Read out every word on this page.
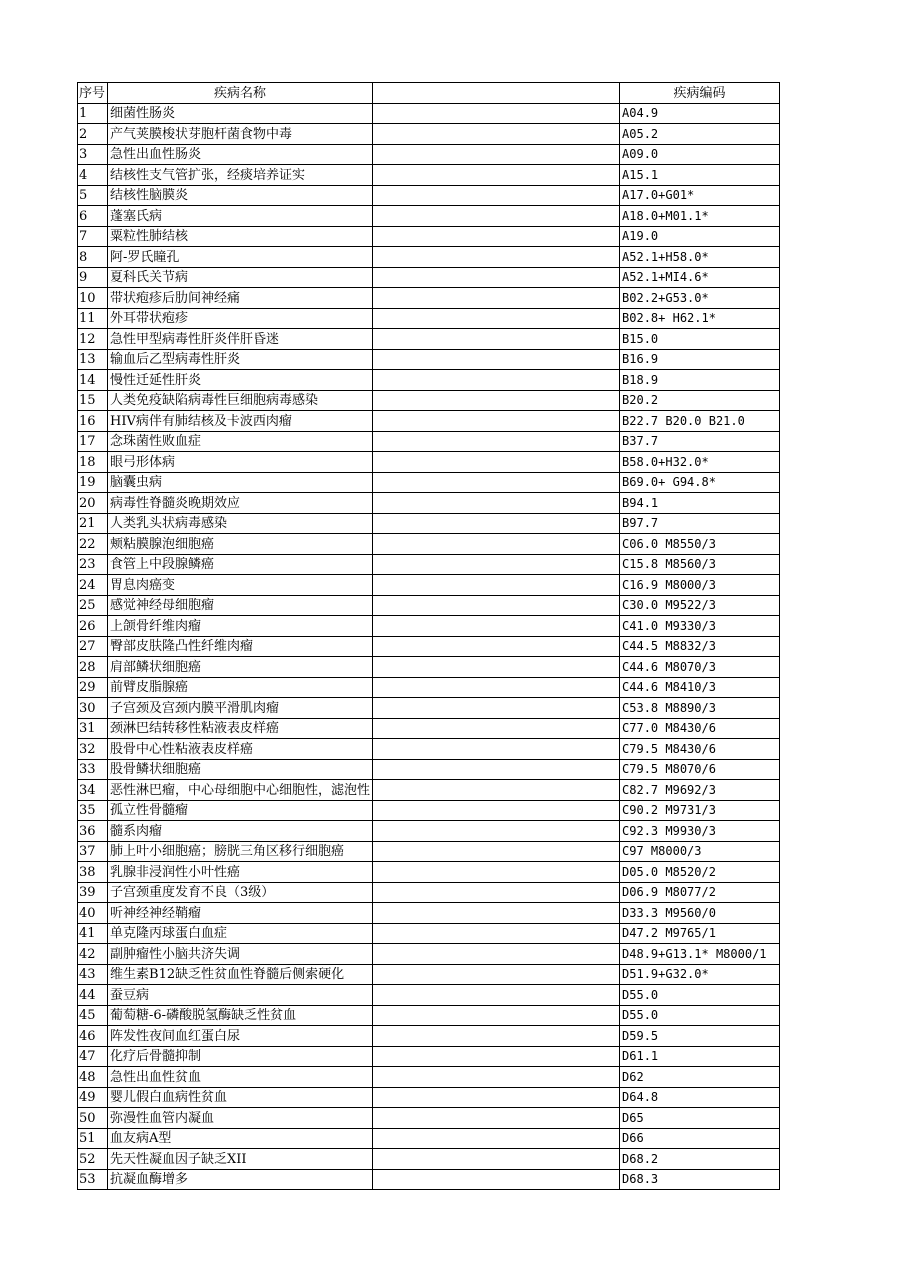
序号	疾病名称		疾病编码
1	细菌性肠炎		A04.9
2	产气荚膜梭状芽胞杆菌食物中毒		A05.2
3	急性出血性肠炎		A09.0
4	结核性支气管扩张，经痰培养证实		A15.1
5	结核性脑膜炎		A17.0+G01*
6	蓬塞氏病		A18.0+M01.1*
7	粟粒性肺结核		A19.0
8	阿-罗氏瞳孔		A52.1+H58.0*
9	夏科氏关节病		A52.1+MI4.6*
10	带状疱疹后肋间神经痛		B02.2+G53.0*
11	外耳带状疱疹		B02.8+ H62.1*
12	急性甲型病毒性肝炎伴肝昏迷		B15.0
13	输血后乙型病毒性肝炎		B16.9
14	慢性迁延性肝炎		B18.9
15	人类免疫缺陷病毒性巨细胞病毒感染		B20.2
16	HIV病伴有肺结核及卡波西肉瘤		B22.7 B20.0 B21.0
17	念珠菌性败血症		B37.7
18	眼弓形体病		B58.0+H32.0*
19	脑囊虫病		B69.0+ G94.8*
20	病毒性脊髓炎晚期效应		B94.1
21	人类乳头状病毒感染		B97.7
22	颊粘膜腺泡细胞癌		C06.0 M8550/3
23	食管上中段腺鳞癌		C15.8 M8560/3
24	胃息肉癌变		C16.9 M8000/3
25	感觉神经母细胞瘤		C30.0 M9522/3
26	上颌骨纤维肉瘤		C41.0 M9330/3
27	臀部皮肤隆凸性纤维肉瘤		C44.5 M8832/3
28	肩部鳞状细胞癌		C44.6 M8070/3
29	前臂皮脂腺癌		C44.6 M8410/3
30	子宫颈及宫颈内膜平滑肌肉瘤		C53.8 M8890/3
31	颈淋巴结转移性粘液表皮样癌		C77.0 M8430/6
32	股骨中心性粘液表皮样癌		C79.5 M8430/6
33	股骨鳞状细胞癌		C79.5 M8070/6
34	恶性淋巴瘤，中心母细胞中心细胞性，滤泡性		C82.7 M9692/3
35	孤立性骨髓瘤		C90.2 M9731/3
36	髓系肉瘤		C92.3 M9930/3
37	肺上叶小细胞癌；膀胱三角区移行细胞癌		C97 M8000/3
38	乳腺非浸润性小叶性癌		D05.0 M8520/2
39	子宫颈重度发育不良（3级）		D06.9 M8077/2
40	听神经神经鞘瘤		D33.3 M9560/0
41	单克隆丙球蛋白血症		D47.2 M9765/1
42	副肿瘤性小脑共济失调		D48.9+G13.1* M8000/1
43	维生素B12缺乏性贫血性脊髓后侧索硬化		D51.9+G32.0*
44	蚕豆病		D55.0
45	葡萄糖-6-磷酸脱氢酶缺乏性贫血		D55.0
46	阵发性夜间血红蛋白尿		D59.5
47	化疗后骨髓抑制		D61.1
48	急性出血性贫血		D62
49	婴儿假白血病性贫血		D64.8
50	弥漫性血管内凝血		D65
51	血友病A型		D66
52	先天性凝血因子缺乏XII		D68.2
53	抗凝血酶增多		D68.3
